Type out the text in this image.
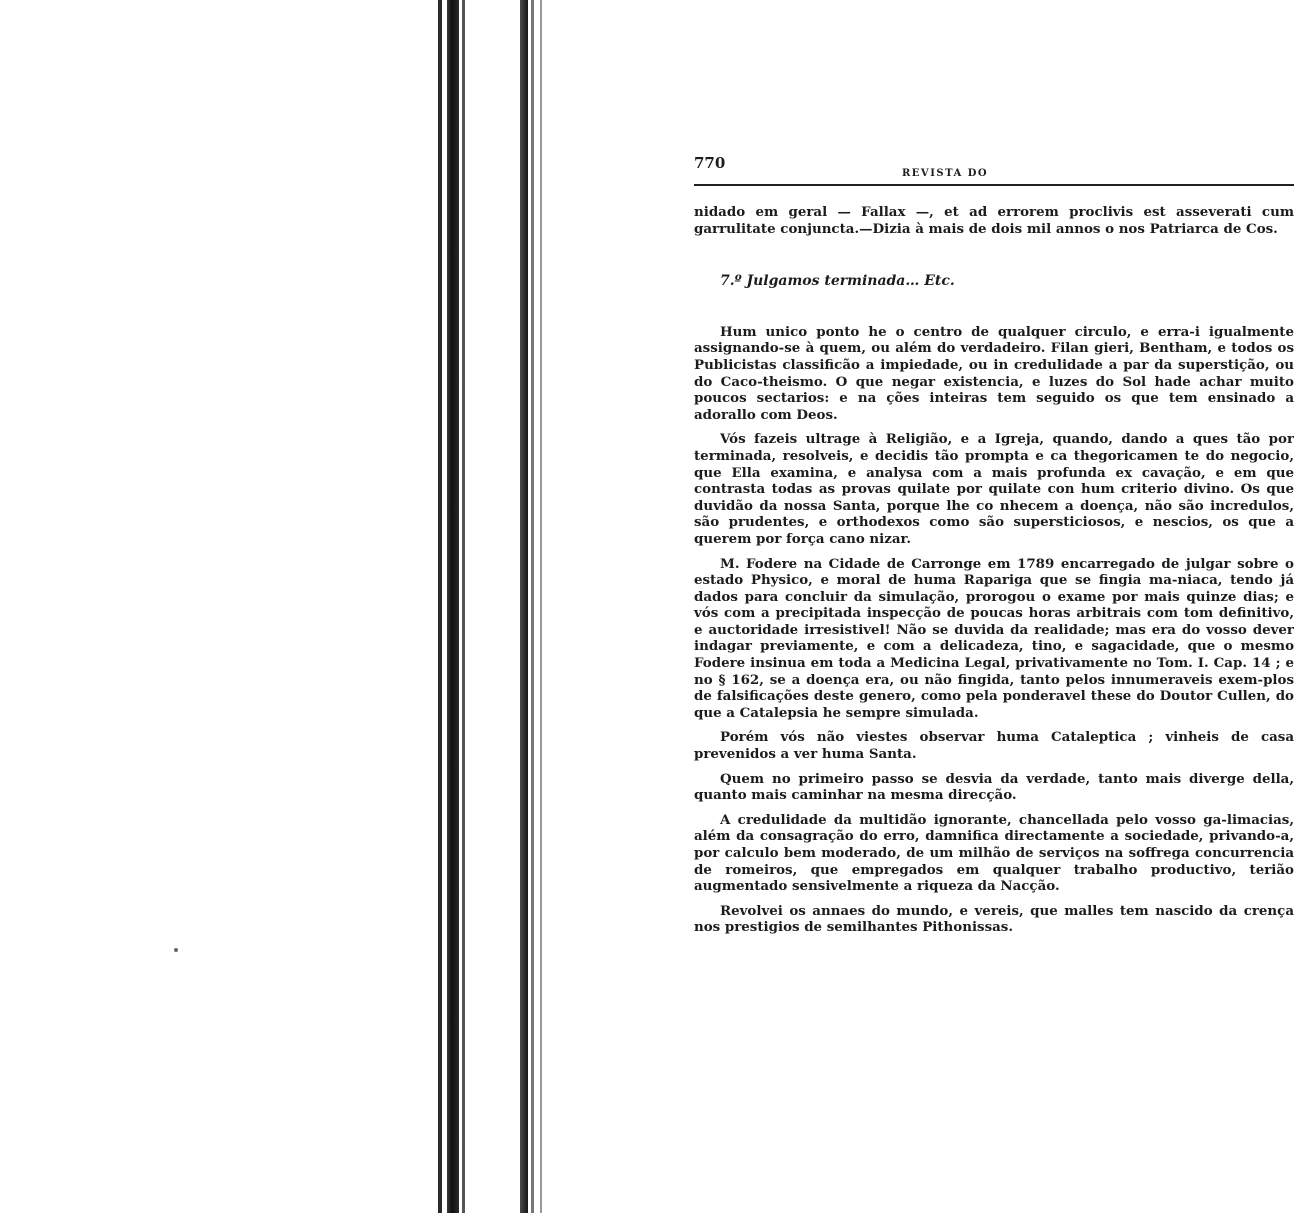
770
REVISTA DO

nidado em geral — Fallax —, et ad errorem proclivis est asseverati cum garrulitate conjuncta.—Dizia à mais de dois mil annos o nos Patriarca de Cos.

7.º Julgamos terminada… Etc.

Hum unico ponto he o centro de qualquer circulo, e erra-i igualmente assignando-se à quem, ou além do verdadeiro. Filan gieri, Bentham, e todos os Publicistas classificão a impiedade, ou in credulidade a par da superstição, ou do Caco-theismo. O que negar existencia, e luzes do Sol hade achar muito poucos sectarios: e na ções inteiras tem seguido os que tem ensinado a adorallo com Deos.

Vós fazeis ultrage à Religião, e a Igreja, quando, dando a ques tão por terminada, resolveis, e decidis tão prompta e ca thegoricamen te do negocio, que Ella examina, e analysa com a mais profunda ex cavação, e em que contrasta todas as provas quilate por quilate con hum criterio divino. Os que duvidão da nossa Santa, porque lhe co nhecem a doença, não são incredulos, são prudentes, e orthodexos como são supersticiosos, e nescios, os que a querem por força cano nizar.

M. Fodere na Cidade de Carronge em 1789 encarregado de julgar sobre o estado Physico, e moral de huma Rapariga que se fingia ma-niaca, tendo já dados para concluir da simulação, prorogou o exame por mais quinze dias; e vós com a precipitada inspecção de poucas horas arbitrais com tom definitivo, e auctoridade irresistivel! Não se duvida da realidade; mas era do vosso dever indagar previamente, e com a delicadeza, tino, e sagacidade, que o mesmo Fodere insinua em toda a Medicina Legal, privativamente no Tom. I. Cap. 14 ; e no § 162, se a doença era, ou não fingida, tanto pelos innumeraveis exem-plos de falsificações deste genero, como pela ponderavel these do Doutor Cullen, do que a Catalepsia he sempre simulada.

Porém vós não viestes observar huma Cataleptica ; vinheis de casa prevenidos a ver huma Santa.

Quem no primeiro passo se desvia da verdade, tanto mais diverge della, quanto mais caminhar na mesma direcção.

A credulidade da multidão ignorante, chancellada pelo vosso ga-limacias, além da consagração do erro, damnifica directamente a sociedade, privando-a, por calculo bem moderado, de um milhão de serviços na soffrega concurrencia de romeiros, que empregados em qualquer trabalho productivo, terião augmentado sensivelmente a riqueza da Nacção.

Revolvei os annaes do mundo, e vereis, que malles tem nascido da crença nos prestigios de semilhantes Pithonissas.
